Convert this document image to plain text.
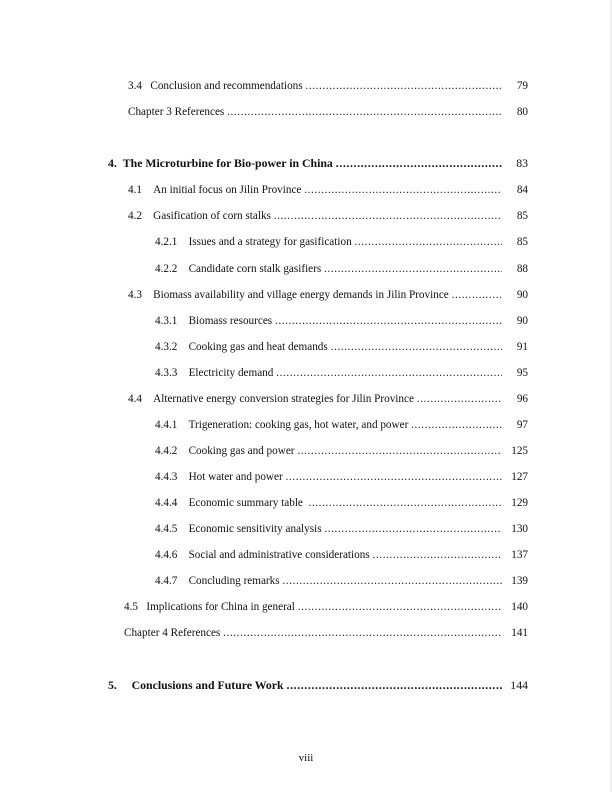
3.4 Conclusion and recommendations .....	79
Chapter 3 References .....	80
4. The Microturbine for Bio-power in China .....	83
4.1 An initial focus on Jilin Province .....	84
4.2 Gasification of corn stalks .....	85
4.2.1 Issues and a strategy for gasification .....	85
4.2.2 Candidate corn stalk gasifiers .....	88
4.3 Biomass availability and village energy demands in Jilin Province .....	90
4.3.1 Biomass resources .....	90
4.3.2 Cooking gas and heat demands .....	91
4.3.3 Electricity demand .....	95
4.4 Alternative energy conversion strategies for Jilin Province .....	96
4.4.1 Trigeneration: cooking gas, hot water, and power .....	97
4.4.2 Cooking gas and power .....	125
4.4.3 Hot water and power .....	127
4.4.4 Economic summary table  .....	129
4.4.5 Economic sensitivity analysis .....	130
4.4.6 Social and administrative considerations .....	137
4.4.7 Concluding remarks .....	139
4.5 Implications for China in general .....	140
Chapter 4 References .....	141
5. Conclusions and Future Work .....	144
viii
